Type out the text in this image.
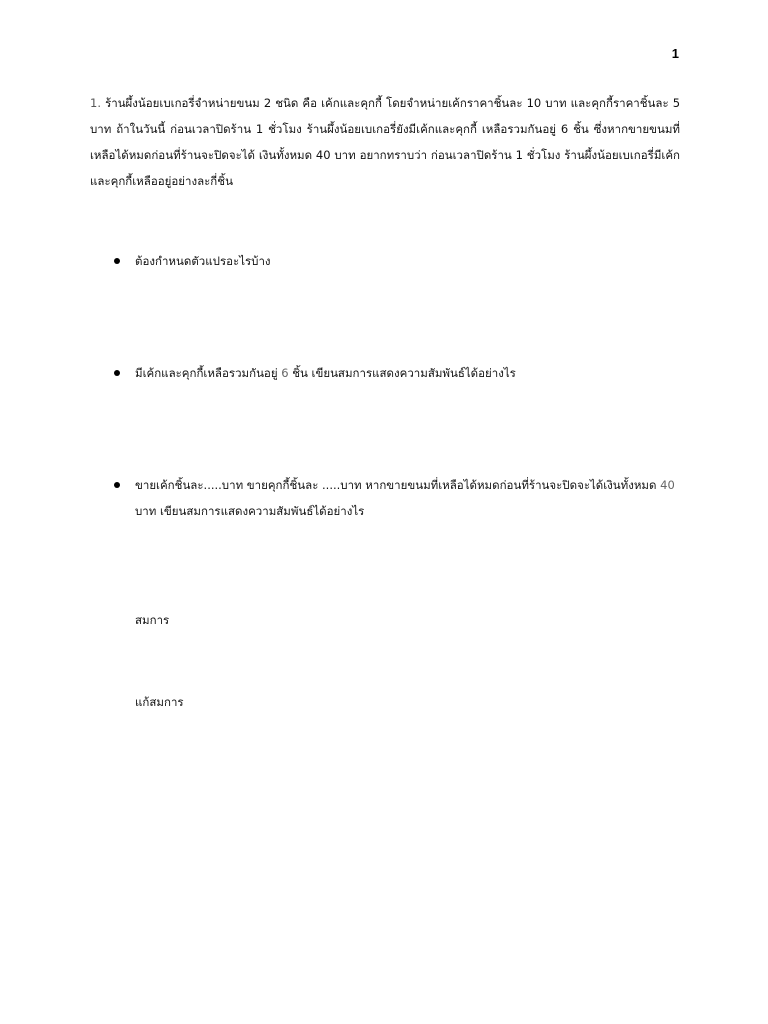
1
1. ร้านผึ้งน้อยเบเกอรี่จำหน่ายขนม 2 ชนิด คือ เค้กและคุกกี้ โดยจำหน่ายเค้กราคาชิ้นละ 10 บาท และคุกกี้ราคาชิ้นละ 5 บาท ถ้าในวันนี้ ก่อนเวลาปิดร้าน 1 ชั่วโมง ร้านผึ้งน้อยเบเกอรี่ยังมีเค้กและคุกกี้ เหลือรวมกันอยู่ 6 ชิ้น ซึ่งหากขายขนมที่เหลือได้หมดก่อนที่ร้านจะปิดจะได้ เงินทั้งหมด 40 บาท อยากทราบว่า ก่อนเวลาปิดร้าน 1 ชั่วโมง ร้านผึ้งน้อยเบเกอรี่มีเค้กและคุกกี้เหลืออยู่อย่างละกี่ชิ้น
ต้องกำหนดตัวแปรอะไรบ้าง
มีเค้กและคุกกี้เหลือรวมกันอยู่ 6 ชิ้น เขียนสมการแสดงความสัมพันธ์ได้อย่างไร
ขายเค้กชิ้นละ.....บาท ขายคุกกี้ชิ้นละ .....บาท หากขายขนมที่เหลือได้หมดก่อนที่ร้านจะปิดจะได้เงินทั้งหมด 40 บาท เขียนสมการแสดงความสัมพันธ์ได้อย่างไร
สมการ
แก้สมการ
